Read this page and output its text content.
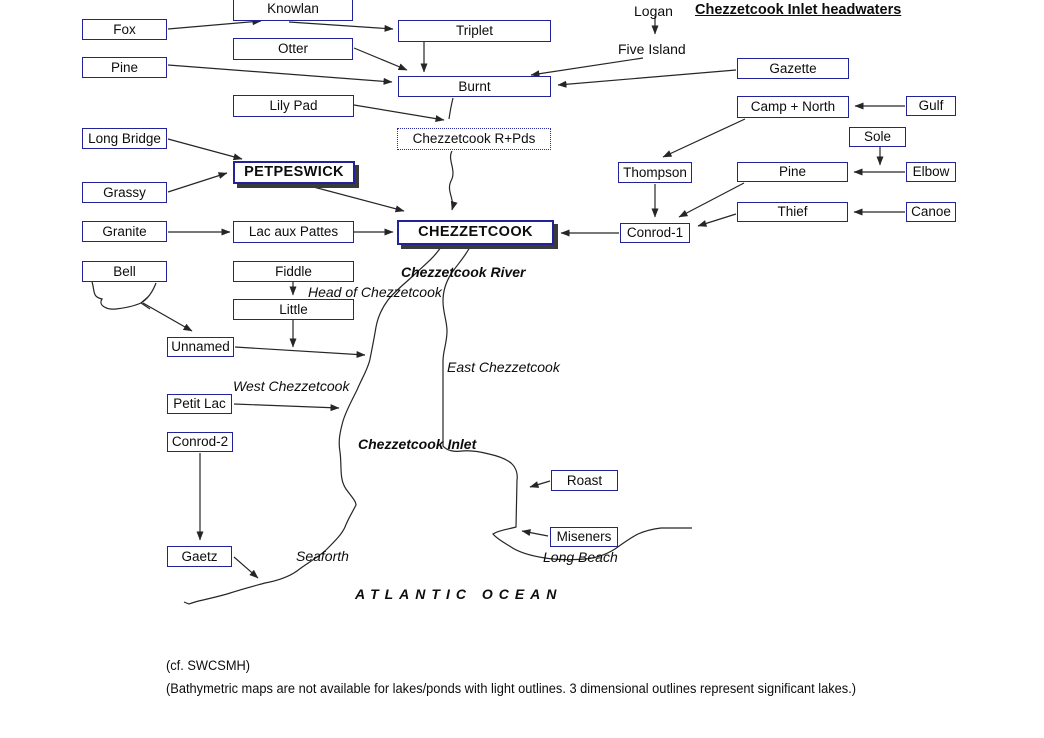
Fox
Knowlan
Triplet
Otter
Pine
Burnt
Lily Pad
Gazette
Camp + North	Gulf
Sole
Long Bridge
PETPESWICK	Thompson	Pine	Elbow
Grassy
Thief	Canoe
Granite	Lac aux Pattes	CHEZZETCOOK	Conrod-1
Chezzetcook R+Pds
Bell	Fiddle
Little
Unnamed
Petit Lac
Conrod-2
Gaetz
Roast
Miseners
Logan
Five Island
Chezzetcook Inlet headwaters
Chezzetcook River
Head of Chezzetcook
East Chezzetcook
West Chezzetcook
Chezzetcook Inlet
Seaforth	Long Beach
ATLANTIC OCEAN
(cf. SWCSMH)
(Bathymetric maps are not available for lakes/ponds with light outlines. 3 dimensional outlines represent significant lakes.)
